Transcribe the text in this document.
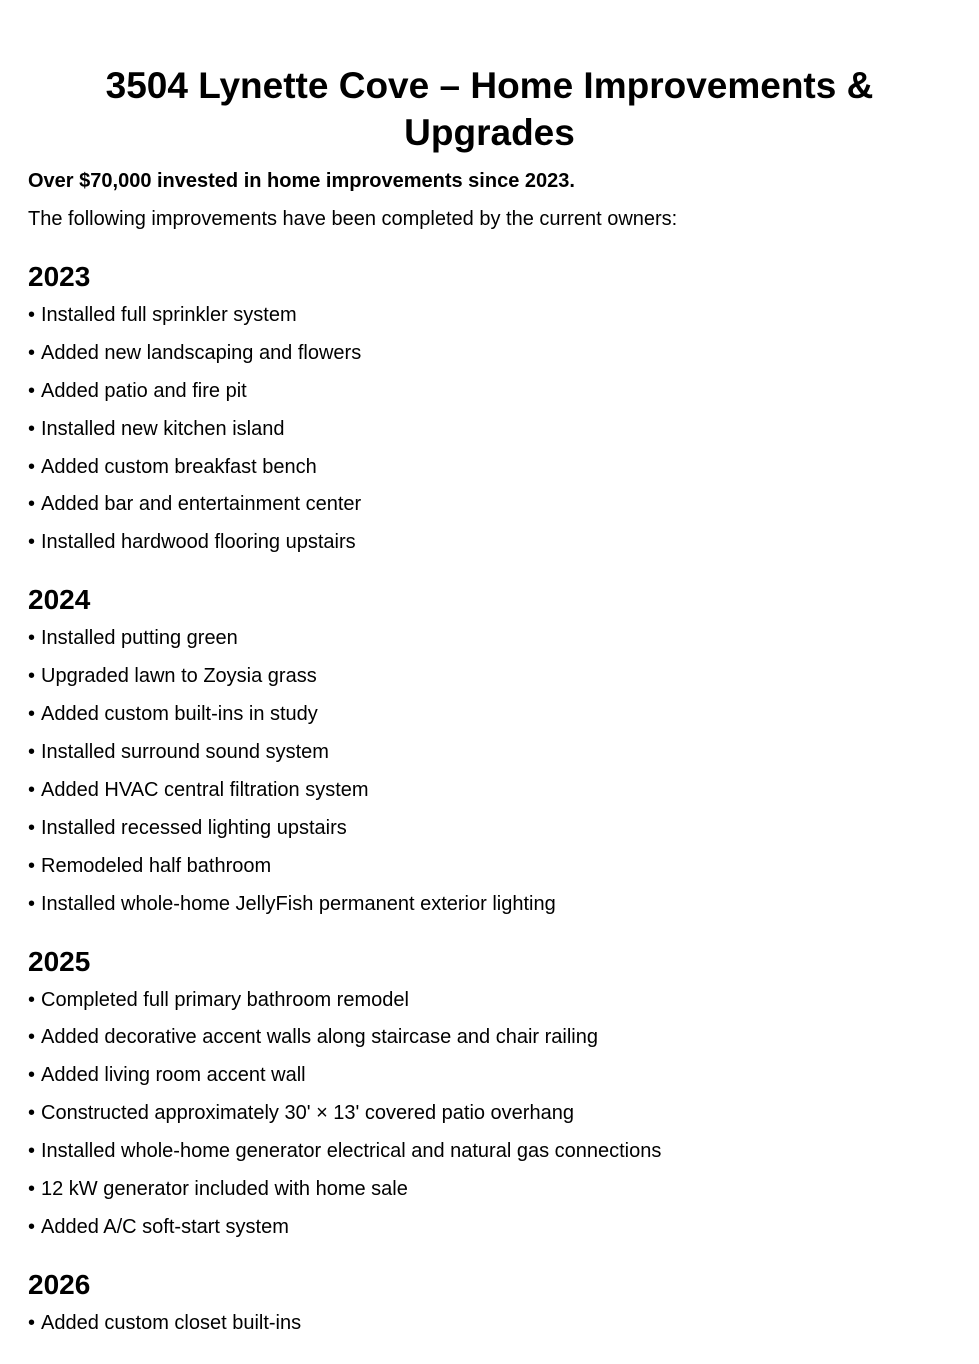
3504 Lynette Cove – Home Improvements & Upgrades

Over $70,000 invested in home improvements since 2023.

The following improvements have been completed by the current owners:

2023
• Installed full sprinkler system
• Added new landscaping and flowers
• Added patio and fire pit
• Installed new kitchen island
• Added custom breakfast bench
• Added bar and entertainment center
• Installed hardwood flooring upstairs
2024
• Installed putting green
• Upgraded lawn to Zoysia grass
• Added custom built-ins in study
• Installed surround sound system
• Added HVAC central filtration system
• Installed recessed lighting upstairs
• Remodeled half bathroom
• Installed whole-home JellyFish permanent exterior lighting
2025
• Completed full primary bathroom remodel
• Added decorative accent walls along staircase and chair railing
• Added living room accent wall
• Constructed approximately 30' × 13' covered patio overhang
• Installed whole-home generator electrical and natural gas connections
• 12 kW generator included with home sale
• Added A/C soft-start system
2026
• Added custom closet built-ins
